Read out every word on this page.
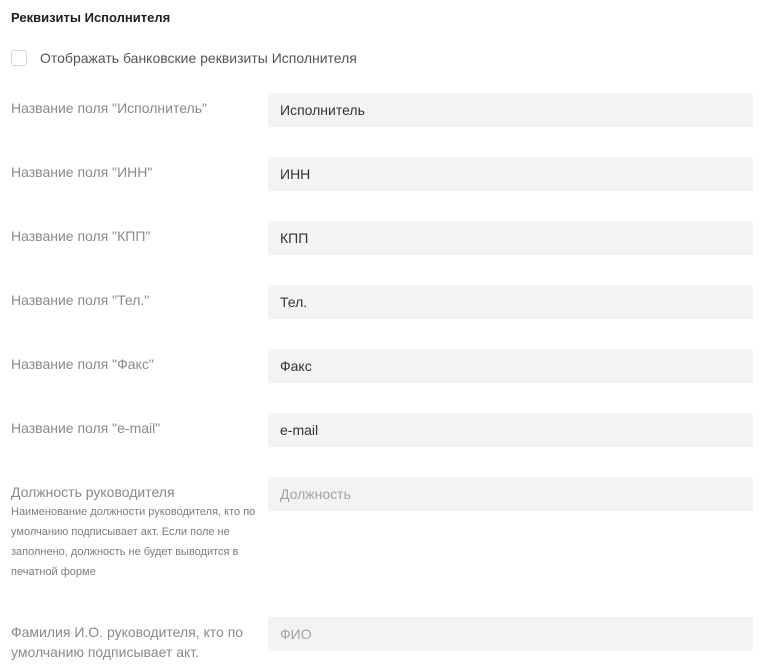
Реквизиты Исполнителя
Отображать банковские реквизиты Исполнителя
Название поля "Исполнитель"
Исполнитель
Название поля "ИНН"
ИНН
Название поля "КПП"
КПП
Название поля "Тел."
Тел.
Название поля "Факс"
Факс
Название поля "e-mail"
e-mail
Должность руководителя
Наименование должности руководителя, кто по умолчанию подписывает акт. Если поле не заполнено, должность не будет выводится в печатной форме
Должность
Фамилия И.О. руководителя, кто по умолчанию подписывает акт.
ФИО
